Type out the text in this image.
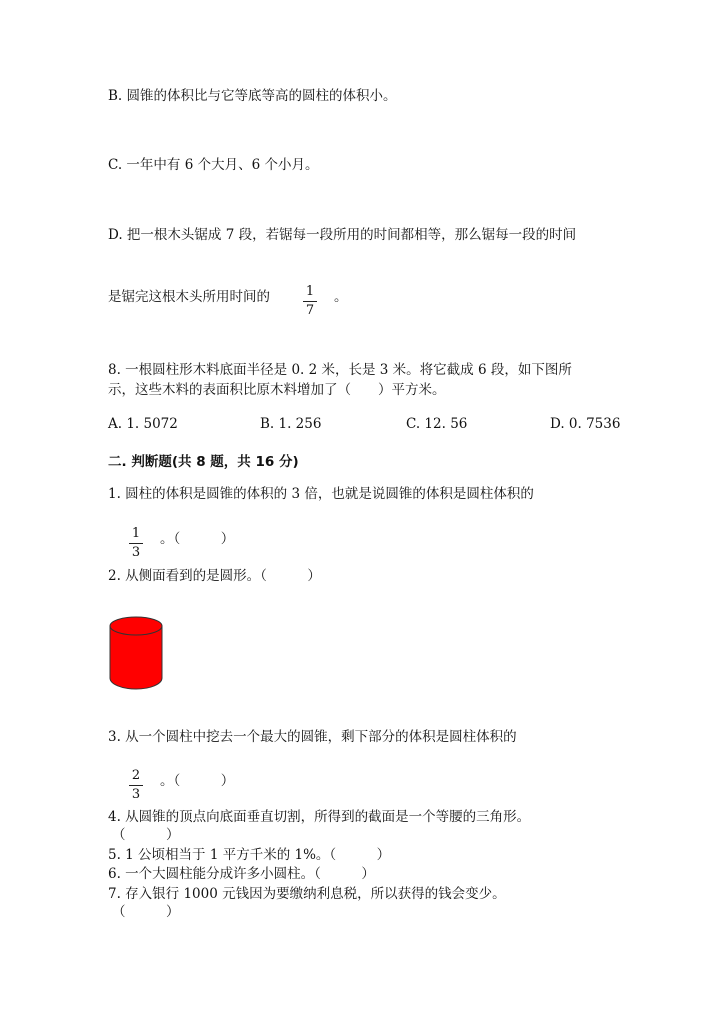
B. 圆锥的体积比与它等底等高的圆柱的体积小。
C. 一年中有 6 个大月、6 个小月。
D. 把一根木头锯成 7 段，若锯每一段所用的时间都相等，那么锯每一段的时间
是锯完这根木头所用时间的	1
7
。
8. 一根圆柱形木料底面半径是 0. 2 米，长是 3 米。将它截成 6 段，如下图所
示，这些木料的表面积比原木料增加了（　　）平方米。
A. 1. 5072	B. 1. 256	C. 12. 56	D. 0. 7536
二. 判断题(共 8 题，共 16 分)
1. 圆柱的体积是圆锥的体积的 3 倍，也就是说圆锥的体积是圆柱体积的
1
3
。（　　　）
2. 从侧面看到的是圆形。（　　　）
3. 从一个圆柱中挖去一个最大的圆锥，剩下部分的体积是圆柱体积的
2
3
。（　　　）
4. 从圆锥的顶点向底面垂直切割，所得到的截面是一个等腰的三角形。
（　　　）
5. 1 公顷相当于 1 平方千米的 1%。（　　　）
6. 一个大圆柱能分成许多小圆柱。（　　　）
7. 存入银行 1000 元钱因为要缴纳利息税，所以获得的钱会变少。
（　　　）
